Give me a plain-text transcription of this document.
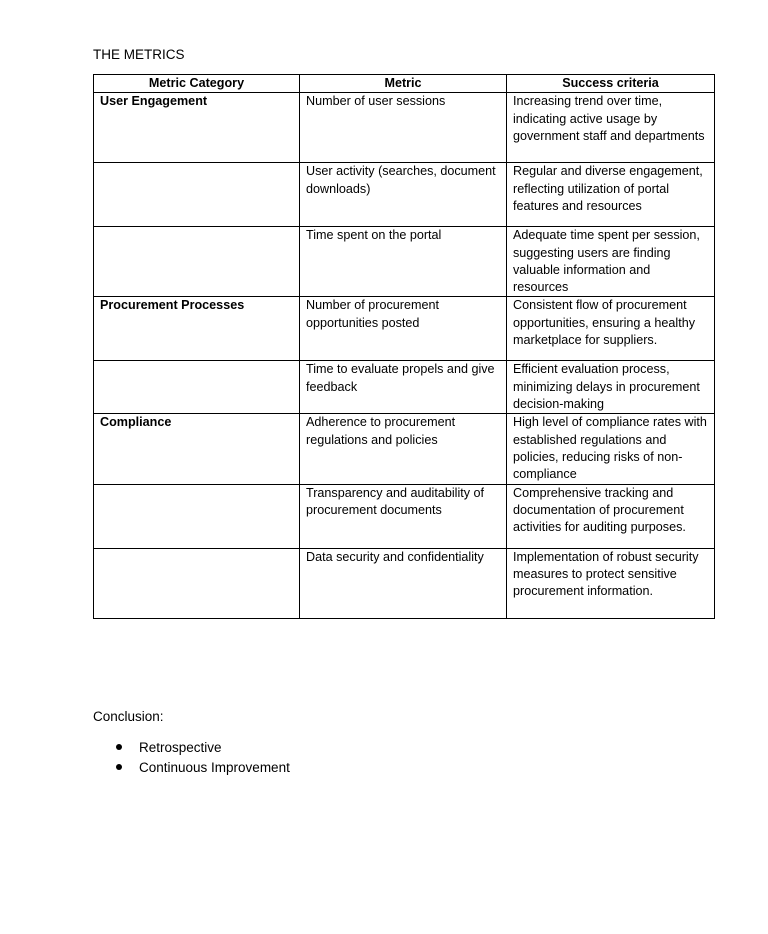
THE METRICS
Metric Category	Metric	Success criteria
User Engagement	Number of user sessions	Increasing trend over time, indicating active usage by government staff and departments
	User activity (searches, document downloads)	Regular and diverse engagement, reflecting utilization of portal features and resources
	Time spent on the portal	Adequate time spent per session, suggesting users are finding valuable information and resources
Procurement Processes	Number of procurement opportunities posted	Consistent flow of procurement opportunities, ensuring a healthy marketplace for suppliers.
	Time to evaluate propels and give feedback	Efficient evaluation process, minimizing delays in procurement decision-making
Compliance	Adherence to procurement regulations and policies	High level of compliance rates with established regulations and policies, reducing risks of non-compliance
	Transparency and auditability of procurement documents	Comprehensive tracking and documentation of procurement activities for auditing purposes.
	Data security and confidentiality	Implementation of robust security measures to protect sensitive procurement information.
Conclusion:
Retrospective
Continuous Improvement
